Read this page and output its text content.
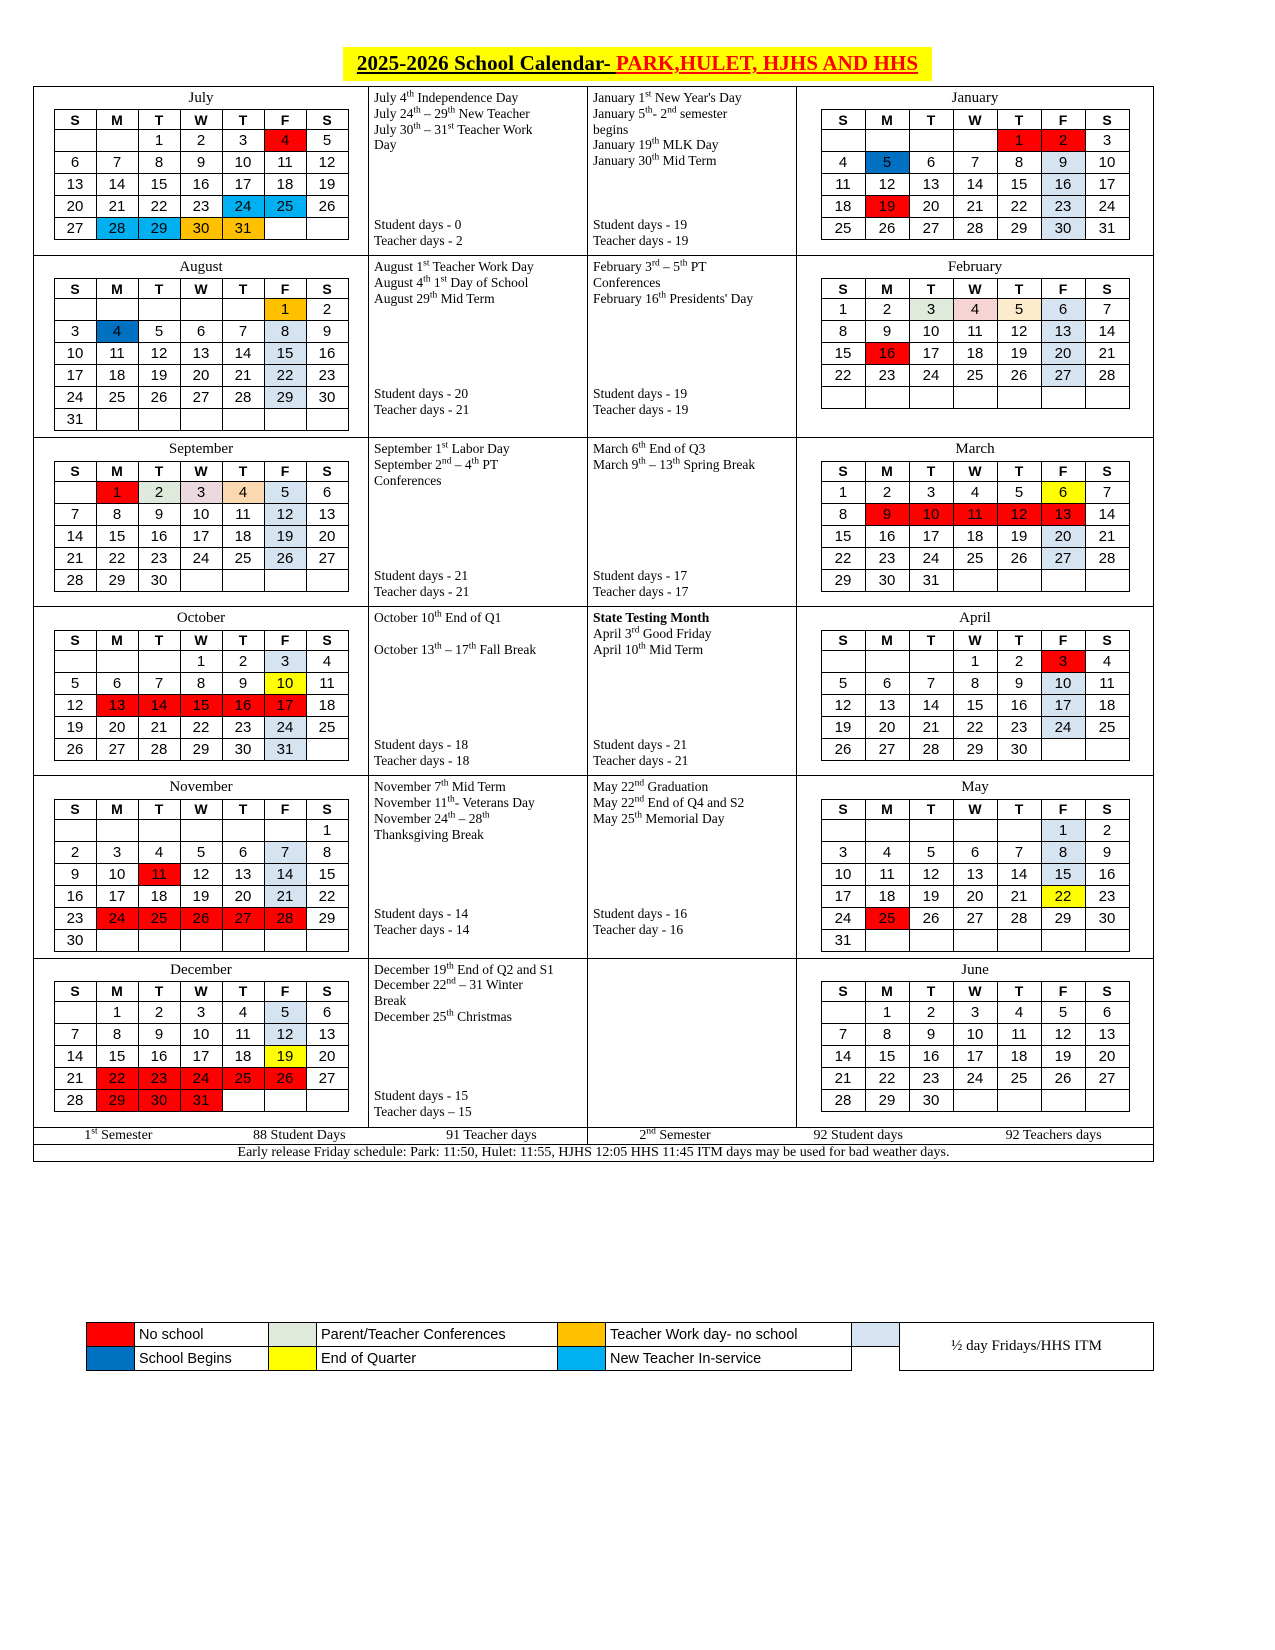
2025-2026 School Calendar- PARK,HULET, HJHS AND HHS
July
S	M	T	W	T	F	S
		1	2	3	4	5
6	7	8	9	10	11	12
13	14	15	16	17	18	19
20	21	22	23	24	25	26
27	28	29	30	31		

July 4th Independence Day
July 24th – 29th New Teacher
July 30th – 31st Teacher Work
Day
Student days - 0
Teacher days - 2

January 1st New Year's Day
January 5th- 2nd semester
begins
January 19th MLK Day
January 30th Mid Term
Student days - 19
Teacher days - 19

January
S	M	T	W	T	F	S
				1	2	3
4	5	6	7	8	9	10
11	12	13	14	15	16	17
18	19	20	21	22	23	24
25	26	27	28	29	30	31

August
S	M	T	W	T	F	S
					1	2
3	4	5	6	7	8	9
10	11	12	13	14	15	16
17	18	19	20	21	22	23
24	25	26	27	28	29	30
31						

August 1st Teacher Work Day
August 4th 1st Day of School
August 29th Mid Term
Student days - 20
Teacher days - 21

February 3rd – 5th PT
Conferences
February 16th Presidents' Day
Student days - 19
Teacher days - 19

February
S	M	T	W	T	F	S
1	2	3	4	5	6	7
8	9	10	11	12	13	14
15	16	17	18	19	20	21
22	23	24	25	26	27	28

September
S	M	T	W	T	F	S
	1	2	3	4	5	6
7	8	9	10	11	12	13
14	15	16	17	18	19	20
21	22	23	24	25	26	27
28	29	30				

September 1st Labor Day
September 2nd – 4th PT
Conferences
Student days - 21
Teacher days - 21

March 6th End of Q3
March 9th – 13th Spring Break
Student days - 17
Teacher days - 17

March
S	M	T	W	T	F	S
1	2	3	4	5	6	7
8	9	10	11	12	13	14
15	16	17	18	19	20	21
22	23	24	25	26	27	28
29	30	31				

October
S	M	T	W	T	F	S
			1	2	3	4
5	6	7	8	9	10	11
12	13	14	15	16	17	18
19	20	21	22	23	24	25
26	27	28	29	30	31	

October 10th End of Q1

October 13th – 17th Fall Break
Student days - 18
Teacher days - 18

State Testing Month
April 3rd Good Friday
April 10th Mid Term
Student days - 21
Teacher days - 21

April
S	M	T	W	T	F	S
			1	2	3	4
5	6	7	8	9	10	11
12	13	14	15	16	17	18
19	20	21	22	23	24	25
26	27	28	29	30		

November
S	M	T	W	T	F	S
						1
2	3	4	5	6	7	8
9	10	11	12	13	14	15
16	17	18	19	20	21	22
23	24	25	26	27	28	29
30						

November 7th Mid Term
November 11th- Veterans Day
November 24th – 28th
Thanksgiving Break
Student days - 14
Teacher days - 14

May 22nd Graduation
May 22nd End of Q4 and S2
May 25th Memorial Day
Student days - 16
Teacher day - 16

May
S	M	T	W	T	F	S
					1	2
3	4	5	6	7	8	9
10	11	12	13	14	15	16
17	18	19	20	21	22	23
24	25	26	27	28	29	30
31						

December
S	M	T	W	T	F	S
	1	2	3	4	5	6
7	8	9	10	11	12	13
14	15	16	17	18	19	20
21	22	23	24	25	26	27
28	29	30	31			

December 19th End of Q2 and S1
December 22nd – 31 Winter
Break
December 25th Christmas
Student days - 15
Teacher days – 15

June
S	M	T	W	T	F	S
	1	2	3	4	5	6
7	8	9	10	11	12	13
14	15	16	17	18	19	20
21	22	23	24	25	26	27
28	29	30				

1st Semester	88 Student Days	91 Teacher days	2nd Semester	92 Student days	92 Teachers days

Early release Friday schedule: Park: 11:50, Hulet: 11:55, HJHS 12:05 HHS 11:45 ITM days may be used for bad weather days.
	No school		Parent/Teacher Conferences		Teacher Work day- no school		½ day Fridays/HHS ITM
	School Begins		End of Quarter		New Teacher In-service		
